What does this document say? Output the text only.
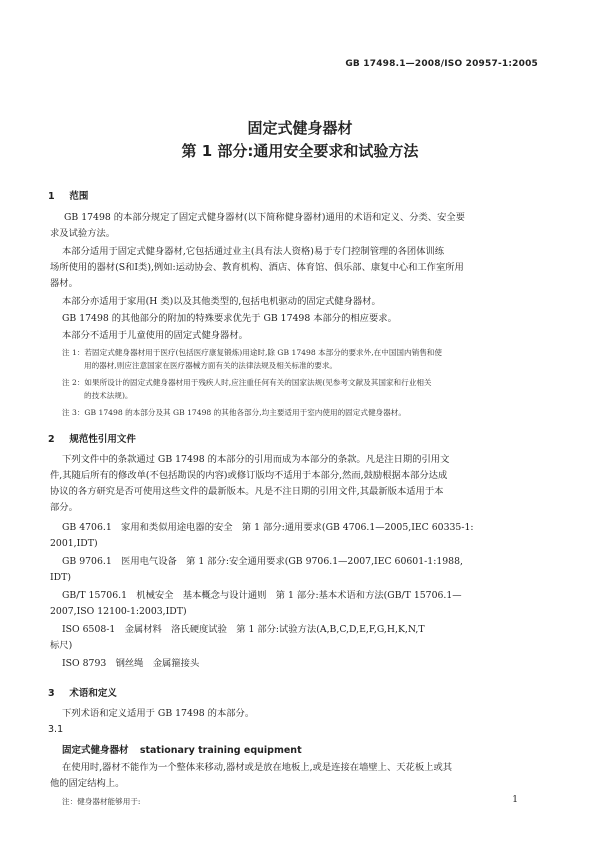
GB 17498.1—2008/ISO 20957-1:2005
固定式健身器材
第 1 部分:通用安全要求和试验方法
1 范围
GB 17498 的本部分规定了固定式健身器材(以下简称健身器材)通用的术语和定义、分类、安全要
求及试验方法。
本部分适用于固定式健身器材,它包括通过业主(具有法人资格)易于专门控制管理的各团体训练
场所使用的器材(S和I类),例如:运动协会、教育机构、酒店、体育馆、俱乐部、康复中心和工作室所用
器材。
本部分亦适用于家用(H 类)以及其他类型的,包括电机驱动的固定式健身器材。
GB 17498 的其他部分的附加的特殊要求优先于 GB 17498 本部分的相应要求。
本部分不适用于儿童使用的固定式健身器材。
注 1：若固定式健身器材用于医疗(包括医疗康复锻炼)用途时,除 GB 17498 本部分的要求外,在中国国内销售和使
用的器材,则应注意国家在医疗器械方面有关的法律法规及相关标准的要求。
注 2：如果所设计的固定式健身器材用于残疾人时,应注重任何有关的国家法规(见参考文献及其国家和行业相关
的技术法规)。
注 3：GB 17498 的本部分及其 GB 17498 的其他各部分,均主要适用于室内使用的固定式健身器材。
2 规范性引用文件
下列文件中的条款通过 GB 17498 的本部分的引用而成为本部分的条款。凡是注日期的引用文
件,其随后所有的修改单(不包括勘误的内容)或修订版均不适用于本部分,然而,鼓励根据本部分达成
协议的各方研究是否可使用这些文件的最新版本。凡是不注日期的引用文件,其最新版本适用于本
部分。
GB 4706.1　家用和类似用途电器的安全　第 1 部分:通用要求(GB 4706.1—2005,IEC 60335-1:
2001,IDT)
GB 9706.1　医用电气设备　第 1 部分:安全通用要求(GB 9706.1—2007,IEC 60601-1:1988,
IDT)
GB/T 15706.1　机械安全　基本概念与设计通则　第 1 部分:基本术语和方法(GB/T 15706.1—
2007,ISO 12100-1:2003,IDT)
ISO 6508-1　金属材料　洛氏硬度试验　第 1 部分:试验方法(A,B,C,D,E,F,G,H,K,N,T
标尺)
ISO 8793　钢丝绳　金属箍接头
3 术语和定义
下列术语和定义适用于 GB 17498 的本部分。
3.1
固定式健身器材 stationary training equipment
在使用时,器材不能作为一个整体来移动,器材或是放在地板上,或是连接在墙壁上、天花板上或其
他的固定结构上。
注：健身器材能够用于:	1
